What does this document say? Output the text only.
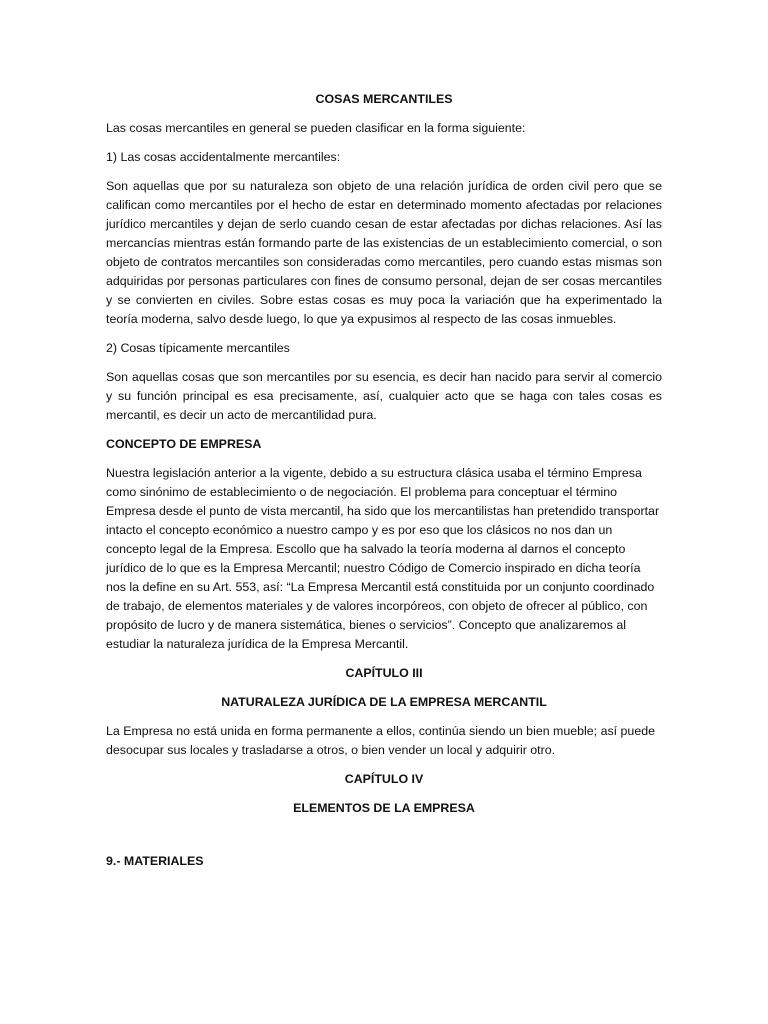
COSAS MERCANTILES

Las cosas mercantiles en general se pueden clasificar en la forma siguiente:

1) Las cosas accidentalmente mercantiles:

Son aquellas que por su naturaleza son objeto de una relación jurídica de orden civil pero que se califican como mercantiles por el hecho de estar en determinado momento afectadas por relaciones jurídico mercantiles y dejan de serlo cuando cesan de estar afectadas por dichas relaciones. Así las mercancías mientras están formando parte de las existencias de un establecimiento comercial, o son objeto de contratos mercantiles son consideradas como mercantiles, pero cuando estas mismas son adquiridas por personas particulares con fines de consumo personal, dejan de ser cosas mercantiles y se convierten en civiles. Sobre estas cosas es muy poca la variación que ha experimentado la teoría moderna, salvo desde luego, lo que ya expusimos al respecto de las cosas inmuebles.

2) Cosas típicamente mercantiles

Son aquellas cosas que son mercantiles por su esencia, es decir han nacido para servir al comercio y su función principal es esa precisamente, así, cualquier acto que se haga con tales cosas es mercantil, es decir un acto de mercantilidad pura.

CONCEPTO DE EMPRESA

Nuestra legislación anterior a la vigente, debido a su estructura clásica usaba el término Empresa como sinónimo de establecimiento o de negociación. El problema para conceptuar el término Empresa desde el punto de vista mercantil, ha sido que los mercantilistas han pretendido transportar intacto el concepto económico a nuestro campo y es por eso que los clásicos no nos dan un concepto legal de la Empresa. Escollo que ha salvado la teoría moderna al darnos el concepto jurídico de lo que es la Empresa Mercantil; nuestro Código de Comercio inspirado en dicha teoría nos la define en su Art. 553, así: “La Empresa Mercantil está constituida por un conjunto coordinado de trabajo, de elementos materiales y de valores incorpóreos, con objeto de ofrecer al público, con propósito de lucro y de manera sistemática, bienes o servicios”. Concepto que analizaremos al estudiar la naturaleza jurídica de la Empresa Mercantil.

CAPÍTULO III
NATURALEZA JURÍDICA DE LA EMPRESA MERCANTIL

La Empresa no está unida en forma permanente a ellos, continúa siendo un bien mueble; así puede desocupar sus locales y trasladarse a otros, o bien vender un local y adquirir otro.

CAPÍTULO IV
ELEMENTOS DE LA EMPRESA
9.- MATERIALES
